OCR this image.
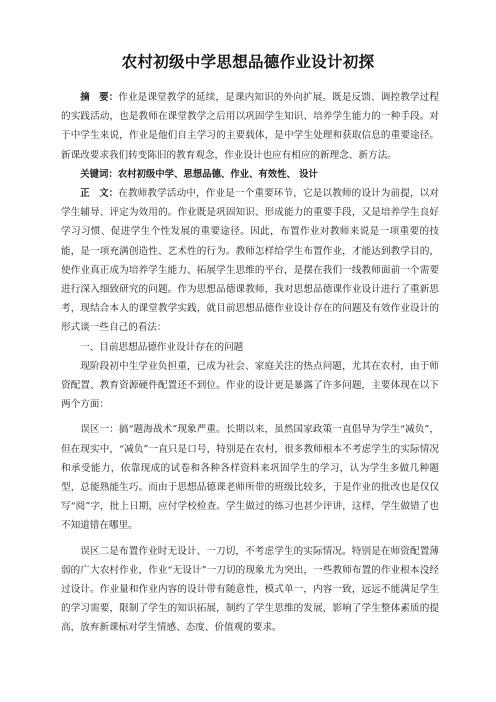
农村初级中学思想品德作业设计初探

摘　要：作业是课堂教学的延续，是课内知识的外向扩展。既是反馈、调控教学过程的实践活动，也是教师在课堂教学之后用以巩固学生知识、培养学生能力的一种手段。对于中学生来说，作业是他们自主学习的主要载体，是中学生处理和获取信息的重要途径。新课改要求我们转变陈旧的教育观念，作业设计也应有相应的新理念、新方法。

关键词：农村初级中学、思想品德、作业、有效性、 设计

正　文：在教师教学活动中，作业是一个重要环节，它是以教师的设计为前提，以对学生辅导、评定为效用的。作业既是巩固知识、形成能力的重要手段，又是培养学生良好学习习惯、促进学生个性发展的重要途径。因此，布置作业对教师来说是一项重要的技能，是一项充满创造性、艺术性的行为。教师怎样给学生布置作业，才能达到教学目的，使作业真正成为培养学生能力、拓展学生思维的平台，是摆在我们一线教师面前一个需要进行深入细致研究的问题。作为思想品德课教师，我对思想品德课作业设计进行了重新思考，现结合本人的课堂教学实践，就目前思想品德作业设计存在的问题及有效作业设计的形式谈一些自己的看法：

一、目前思想品德作业设计存在的问题

现阶段初中生学业负担重，已成为社会、家庭关注的热点问题，尤其在农村，由于师资配置、教育资源硬件配置还不到位。作业的设计更是暴露了许多问题，主要体现在以下两个方面：

误区一：搞“题海战术”现象严重。长期以来，虽然国家政策一直倡导为学生“减负”，但在现实中，“减负”一直只是口号，特别是在农村，很多教师根本不考虑学生的实际情况和承受能力，依靠现成的试卷和各种各样资料来巩固学生的学习，认为学生多做几种题型，总能熟能生巧。而由于思想品德课老师所带的班级比较多，于是作业的批改也是仅仅写“阅”字，批上日期，应付学校检查。学生做过的练习也甚少评讲，这样，学生做错了也不知道错在哪里。

误区二是布置作业时无设计、一刀切，不考虑学生的实际情况。特别是在师资配置薄弱的广大农村作业，作业“无设计”一刀切的现象尤为突出，一些教师布置的作业根本没经过设计。作业量和作业内容的设计带有随意性，模式单一，内容一致，远远不能满足学生的学习需要，限制了学生的知识拓展，制约了学生思维的发展，影响了学生整体素质的提高，放弃新课标对学生情感、态度、价值观的要求。
